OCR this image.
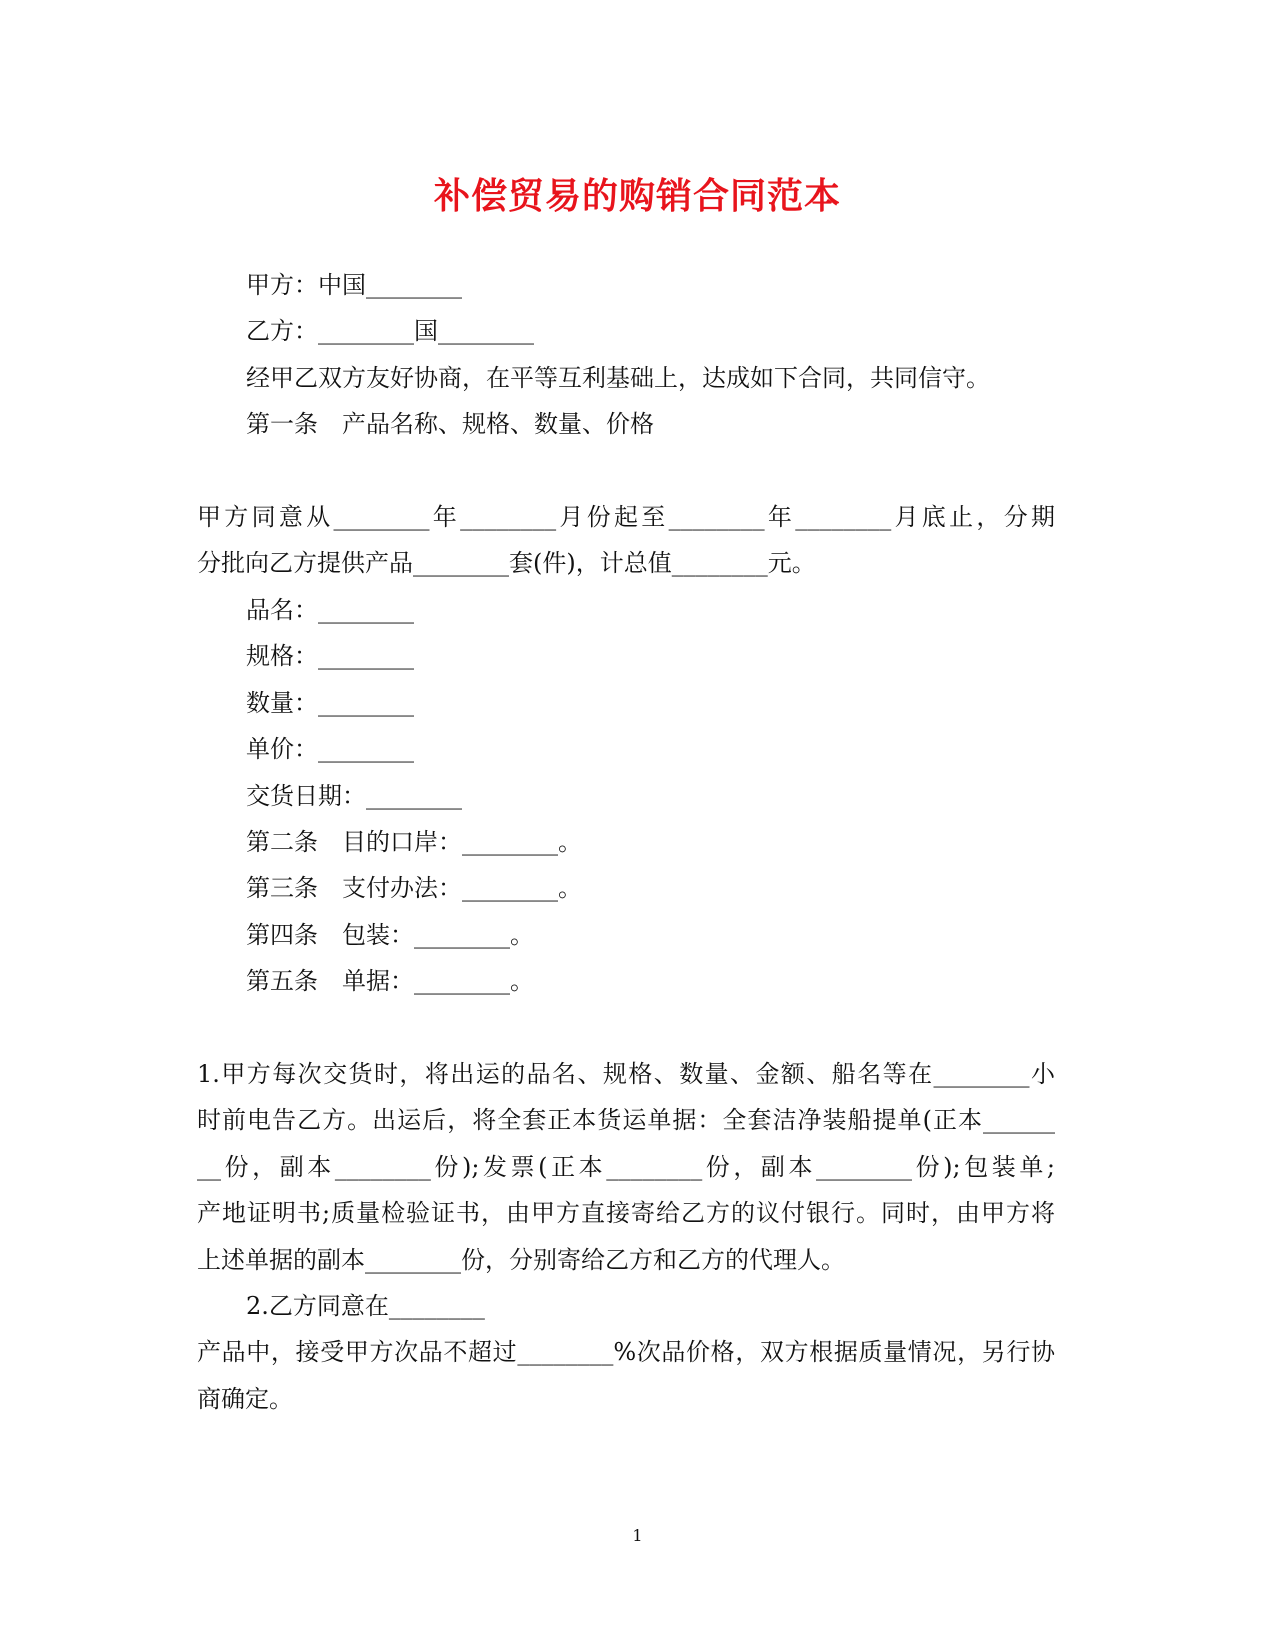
补偿贸易的购销合同范本
甲方：中国________
乙方：________国________
经甲乙双方友好协商，在平等互利基础上，达成如下合同，共同信守。
第一条　产品名称、规格、数量、价格
甲方同意从________年________月份起至________年________月底止，分期
分批向乙方提供产品________套(件)，计总值________元。
品名：________
规格：________
数量：________
单价：________
交货日期：________
第二条　目的口岸：________。
第三条　支付办法：________。
第四条　包装：________。
第五条　单据：________。
1.甲方每次交货时，将出运的品名、规格、数量、金额、船名等在________小
时前电告乙方。出运后，将全套正本货运单据：全套洁净装船提单(正本______
__份，副本________份);发票(正本________份，副本________份);包装单;
产地证明书;质量检验证书，由甲方直接寄给乙方的议付银行。同时，由甲方将
上述单据的副本________份，分别寄给乙方和乙方的代理人。
2.乙方同意在________
产品中，接受甲方次品不超过________%次品价格，双方根据质量情况，另行协
商确定。
1
